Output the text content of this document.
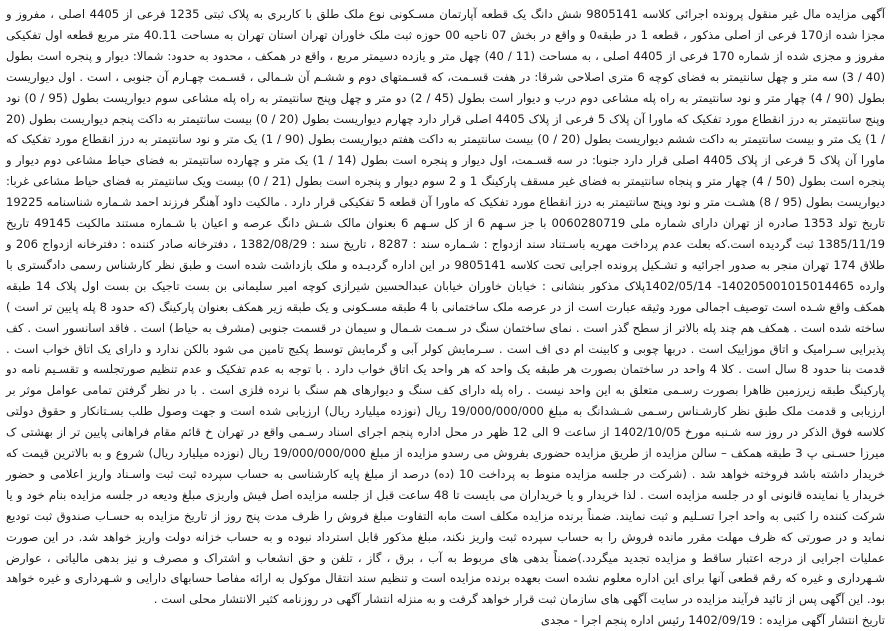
آگهی مزایده مال غیر منقول پرونده اجرائی کلاسه 9805141 شش دانگ یک قطعه آپارتمان مسـکونی نوع ملک طلق با کاربری به پلاک ثبتی 1235 فرعی از 4405 اصلی ، مفروز و مجزا شده از170 فرعی از اصلی مذکور ، قطعه 1 در طبقه0 و واقع در بخش 07 ناحیه 00 حوزه ثبت ملک خاوران تهران استان تهران به مساحت 40.11 متر مربع قطعه اول تفکیکی مفروز و مجزی شده از شماره 170 فرعی از 4405 اصلی ، به مساحت (11 / 40) چهل متر و یازده دسیمتر مربع ، واقع در همکف ، محدود به حدود: شمالا: دیوار و پنجره است بطول (40 / 3) سه متر و چهل سانتیمتر به فضای کوچه 6 متری اصلاحی شرقا: در هفت قسـمت، که قسـمتهای دوم و ششـم آن شـمالی ، قسـمت چهـارم آن جنوبی ، است . اول دیواریست بطول (90 / 4) چهار متر و نود سانتیمتر به راه پله مشاعی دوم درب و دیوار است بطول (45 / 2) دو متر و چهل وپنج سانتیمتر به راه پله مشاعی سوم دیواریست بطول (95 / 0) نود وپنج سانتیمتر به درز انقطاع مورد تفکیک که ماورا آن پلاک 5 فرعی از پلاک 4405 اصلی قرار دارد چهارم دیواریست بطول (20 / 0) بیست سانتیمتر به داکت پنجم دیواریست بطول (20 / 1) یک متر و بیست سانتیمتر به داکت ششم دیواریست بطول (20 / 0) بیست سانتیمتر به داکت هفتم دیواریست بطول (90 / 1) یک متر و نود سانتیمتر به درز انقطاع مورد تفکیک که ماورا آن پلاک 5 فرعی از پلاک 4405 اصلی قرار دارد جنوبا: در سه قسـمت، اول دیوار و پنجره است بطول (14 / 1) یک متر و چهارده سانتیمتر به فضای حیاط مشاعی دوم دیوار و پنجره است بطول (50 / 4) چهار متر و پنجاه سانتیمتر به فضای غیر مسقف پارکینگ 1 و 2 سوم دیوار و پنجره است بطول (21 / 0) بیست ویک سانتیمتر به فضای حیاط مشاعی غربا: دیواریست بطول (95 / 8) هشـت متر و نود وپنج سانتیمتر به درز انقطاع مورد تفکیک که ماورا آن قطعه 5 تفکیکی قرار دارد . مالکیت داود آهنگر فرزند احمد شـماره شناسنامه 19225 تاریخ تولد 1353 صادره از تهران دارای شماره ملی 0060280719 با جز سـهم 6 از کل سـهم 6 بعنوان مالک شـش دانگ عرصه و اعیان با شـماره مستند مالکیت 49145 تاریخ 1385/11/19 ثبت گردیده است.که بعلت عدم پرداخت مهریه باسـتناد سند ازدواج : شـماره سند : 8287 ، تاریخ سند : 1382/08/29 ، دفترخانه صادر کننده : دفترخانه ازدواج 206 و طلاق 174 تهران منجر به صدور اجرائیه و تشـکیل پرونده اجرایی تحت کلاسه 9805141 در این اداره گردیـده و ملک بازداشت شده است و طبق نظر کارشناس رسمی دادگستری با وارده 140205001015014465- 1402/05/14پلاک مذکور بنشانی : خیابان خاوران خیابان عبدالحسین شیرازی کوچه امیر سلیمانی بن بست تاجیک بن بست اول پلاک 14 طبقه همکف واقع شـده است توصیف اجمالی مورد وثیقه عبارت است از در عرصه ملک ساختمانی با 4 طبقه مسـکونی و یک طبقه زیر همکف بعنوان پارکینگ (که حدود 8 پله پایین تر است ) ساخته شده است . همکف هم چند پله بالاتر از سطح گذر است . نمای ساختمان سنگ در سـمت شـمال و سیمان در قسمت جنوبی (مشرف به حیاط) است . فاقد اسانسور است . کف پذیرایی سـرامیک و اتاق موزاییک است . دربها چوبی و کابینت ام دی اف است . سـرمایش کولر آبی و گرمایش توسط پکیج تامین می شود بالکن ندارد و دارای یک اتاق خواب است . قدمت بنا حدود 8 سال است . کلا 4 واحد در ساختمان بصورت هر طبقه یک واحد که هر واحد یک اتاق خواب دارد . با توجه به عدم تفکیک و عدم تنظیم صورتجلسه و تقسـیم نامه دو پارکینگ طبقه زیرزمین ظاهرا بصورت رسـمی متعلق به این واحد نیست . راه پله دارای کف سنگ و دیوارهای هم سنگ با نرده فلزی است . با در نظر گرفتن تمامی عوامل موثر بر ارزیابی و قدمت ملک طبق نظر کارشـناس رسـمی شـشدانگ به مبلغ 19/000/000/000 ریال (نوزده میلیارد ریال) ارزیابی شده است و جهت وصول طلب بسـتانکار و حقوق دولتی کلاسه فوق الذکر در روز سه شـنبه مورخ 1402/10/05 از ساعت 9 الی 12 ظهر در محل اداره پنجم اجرای اسناد رسـمی واقع در تهران خ قائم مقام فراهانی پایین تر از بهشتی ک میرزا حسـنی پ 3 طبقه همکف – سالن مزایده از طریق مزایده حضوری بفروش می رسدو مزایده از مبلغ 19/000/000/000 ریال (نوزده میلیارد ریال) شروع و به بالاترین قیمت که خریدار داشته باشد فروخته خواهد شد . (شرکت در جلسه مزایده منوط به پرداخت 10 (ده) درصد از مبلغ پایه کارشناسی به حساب سپرده ثبت ثبت واسـناد واریز اعلامی و حضور خریدار یا نماینده قانونی او در جلسه مزایده است . لذا خریدار و یا خریداران می بایست تا 48 ساعت قبل از جلسه مزایده اصل فیش واریزی مبلغ وديعه در جلسه مزایده بنام خود و یا شرکت کننده را کتبی به واحد اجرا تسـلیم و ثبت نمایند. ضمناً برنده مزایده مکلف است مابه التفاوت مبلغ فروش را ظرف مدت پنج روز از تاریخ مزایده به حسـاب صندوق ثبت تودیع نماید و در صورتی که ظرف مهلت مقرر مانده فروش را به حساب سپرده ثبت واریز نکند، مبلغ مذکور قابل استرداد نبوده و به حساب خزانه دولت واریز خواهد شد. در این صورت عملیات اجرایی از درجه اعتبار ساقط و مزایده تجدید میگردد.)ضمناً بدهی های مربوط به آب ، برق ، گاز ، تلفن و حق انشعاب و اشتراک و مصرف و نیز بدهی مالیاتی ، عوارض شـهرداری و غیره که رقم قطعی آنها برای این اداره معلوم نشده است بعهده برنده مزایده است و تنظیم سند انتقال موکول به ارائه مفاصا حسابهای دارایی و شـهرداری و غیره خواهد بود. این آگهی پس از تائید فرآیند مزایده در سایت آگهی های سازمان ثبت قرار خواهد گرفت و به منزله انتشار آگهی در روزنامه کثیر الانتشار محلی است .

تاریخ انتشار آگهی مزایده : 1402/09/19 رئیس اداره پنجم اجرا - مجدی
